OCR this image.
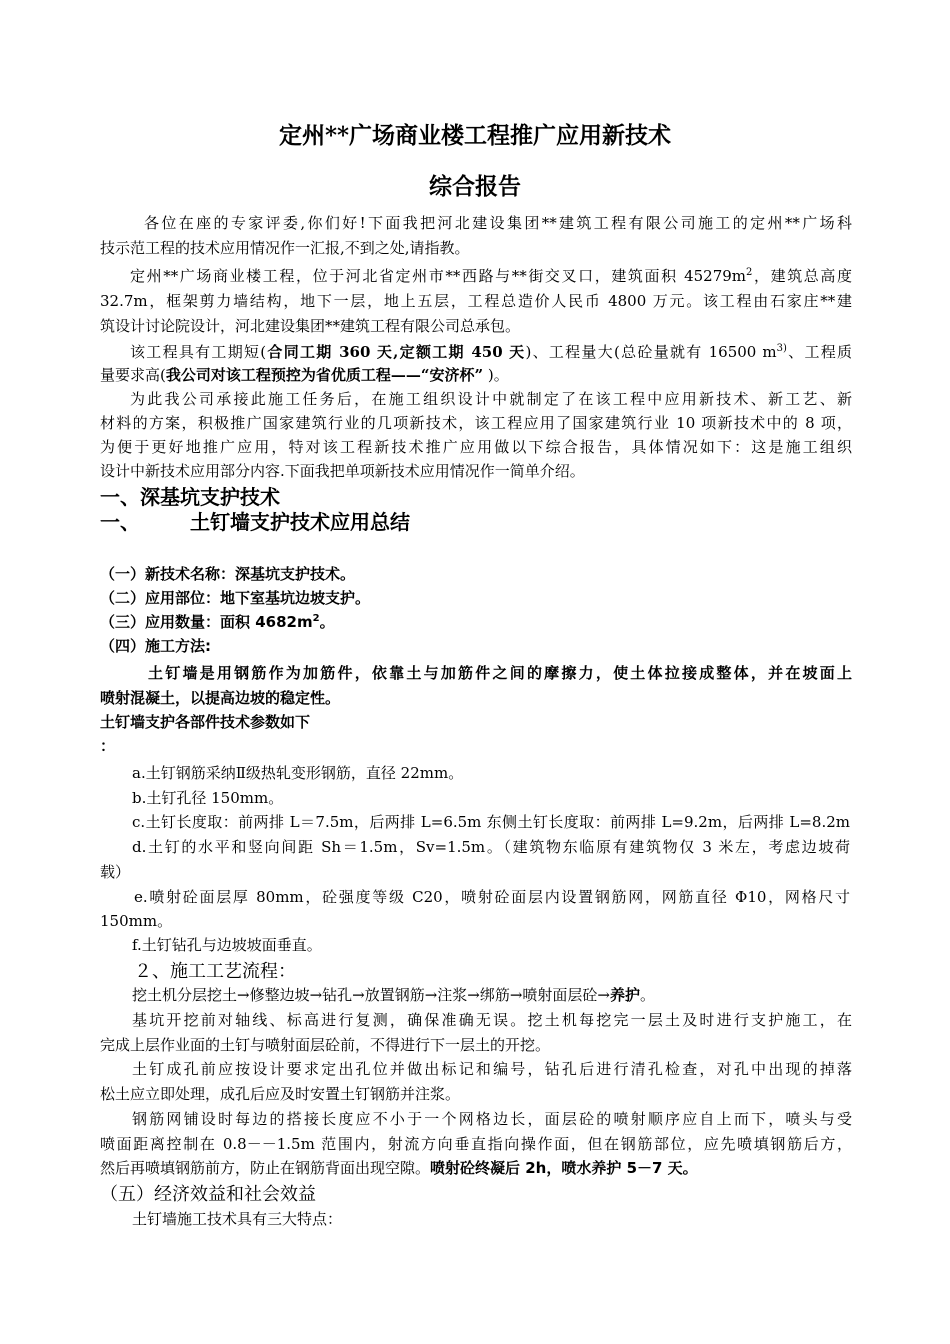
定州**广场商业楼工程推广应用新技术
综合报告
各位在座的专家评委,你们好!下面我把河北建设集团**建筑工程有限公司施工的定州**广场科
技示范工程的技术应用情况作一汇报,不到之处,请指教。
定州**广场商业楼工程，位于河北省定州市**西路与**街交叉口，建筑面积 $45279m^2$，建筑总高度
32.7m，框架剪力墙结构，地下一层，地上五层，工程总造价人民币 4800 万元。该工程由石家庄**建
筑设计讨论院设计，河北建设集团**建筑工程有限公司总承包。
该工程具有工期短(合同工期 360 天,定额工期 450 天)、工程量大(总砼量就有 16500 $m^{3)}$、工程质
量要求高(我公司对该工程预控为省优质工程——“安济杯” )。
为此我公司承接此施工任务后，在施工组织设计中就制定了在该工程中应用新技术、新工艺、新
材料的方案，积极推广国家建筑行业的几项新技术，该工程应用了国家建筑行业 10 项新技术中的 8 项，
为便于更好地推广应用，特对该工程新技术推广应用做以下综合报告，具体情况如下：这是施工组织
设计中新技术应用部分内容.下面我把单项新技术应用情况作一简单介绍。
一、深基坑支护技术
一、	土钉墙支护技术应用总结
（一）新技术名称：深基坑支护技术。
（二）应用部位：地下室基坑边坡支护。
（三）应用数量：面积 $4682m^2$。
（四）施工方法:
土钉墙是用钢筋作为加筋件，依靠土与加筋件之间的摩擦力，使土体拉接成整体，并在坡面上
喷射混凝土，以提高边坡的稳定性。
土钉墙支护各部件技术参数如下
：
a.土钉钢筋采纳Ⅱ级热轧变形钢筋，直径 22mm。
b.土钉孔径 150mm。
c.土钉长度取：前两排 L＝7.5m，后两排 L=6.5m 东侧土钉长度取：前两排 L=9.2m，后两排 L=8.2m
d.土钉的水平和竖向间距 Sh＝1.5m，Sv=1.5m。（建筑物东临原有建筑物仅 3 米左，考虑边坡荷
载）
e.喷射砼面层厚 80mm，砼强度等级 C20，喷射砼面层内设置钢筋网，网筋直径 Φ10，网格尺寸
150mm。
f.土钉钻孔与边坡坡面垂直。
２、施工工艺流程：
挖土机分层挖土→修整边坡→钻孔→放置钢筋→注浆→绑筋→喷射面层砼→养护。
基坑开挖前对轴线、标高进行复测，确保准确无误。挖土机每挖完一层土及时进行支护施工，在
完成上层作业面的土钉与喷射面层砼前，不得进行下一层土的开挖。
土钉成孔前应按设计要求定出孔位并做出标记和编号，钻孔后进行清孔检查，对孔中出现的掉落
松土应立即处理，成孔后应及时安置土钉钢筋并注浆。
钢筋网铺设时每边的搭接长度应不小于一个网格边长，面层砼的喷射顺序应自上而下，喷头与受
喷面距离控制在 0.8－－1.5m 范围内，射流方向垂直指向操作面，但在钢筋部位，应先喷填钢筋后方，
然后再喷填钢筋前方，防止在钢筋背面出现空隙。喷射砼终凝后 2h，喷水养护 5－7 天。
（五）经济效益和社会效益
土钉墙施工技术具有三大特点：
